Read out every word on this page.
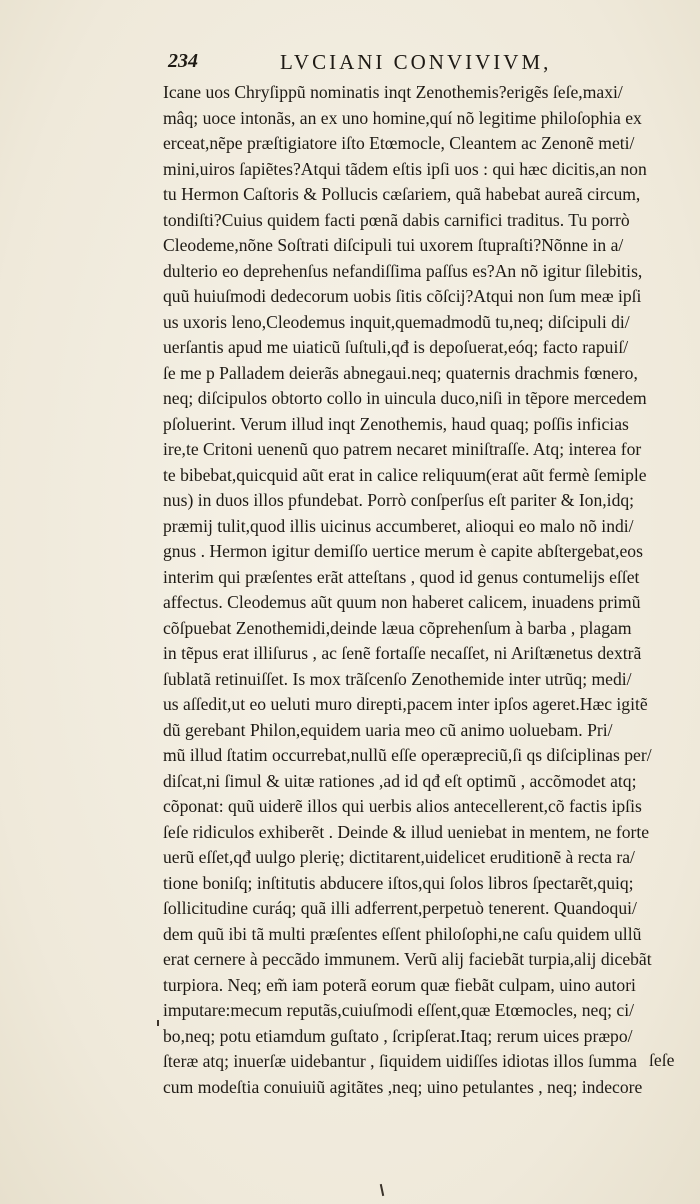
234	LVCIANI CONVIVIVM,
Icane uos Chryſippũ nominatis inqt Zenothemis?erigẽs ſeſe,maxi/
mâq; uoce intonãs, an ex uno homine,quí nõ legitime philoſophia ex
erceat,nẽpe præſtigiatore iſto Etœmocle, Cleantem ac Zenonẽ meti/
mini,uiros ſapiẽtes?Atqui tãdem eſtis ipſi uos : qui hæc dicitis,an non
tu Hermon Caſtoris & Pollucis cæſariem, quã habebat aureã circum,
tondiſti?Cuius quidem facti pœnã dabis carnifici traditus. Tu porrò
Cleodeme,nõne Soſtrati diſcipuli tui uxorem ſtupraſti?Nõnne in a/
dulterio eo deprehenſus nefandiſſima paſſus es?An nõ igitur ſilebitis,
quũ huiuſmodi dedecorum uobis ſitis cõſcij?Atqui non ſum meæ ipſi
us uxoris leno,Cleodemus inquit,quemadmodũ tu,neq; diſcipuli di/
uerſantis apud me uiaticũ ſuſtuli,qđ is depoſuerat,eóq; facto rapuiſ/
ſe me p Palladem deierãs abnegaui.neq; quaternis drachmis fœnero,
neq; diſcipulos obtorto collo in uincula duco,niſi in tẽpore mercedem
pſoluerint. Verum illud inqt Zenothemis, haud quaq; poſſis inficias
ire,te Critoni uenenũ quo patrem necaret miniſtraſſe. Atq; interea for
te bibebat,quicquid aũt erat in calice reliquum(erat aũt fermè ſemiple
nus) in duos illos pfundebat. Porrò conſperſus eſt pariter & Ion,idq;
præmij tulit,quod illis uicinus accumberet, alioqui eo malo nõ indi/
gnus . Hermon igitur demiſſo uertice merum è capite abſtergebat,eos
interim qui præſentes erãt atteſtans , quod id genus contumelijs eſſet
affectus. Cleodemus aũt quum non haberet calicem, inuadens primũ
cõſpuebat Zenothemidi,deinde læua cõprehenſum à barba , plagam
in tẽpus erat illiſurus , ac ſenẽ fortaſſe necaſſet, ni Ariſtænetus dextrã
ſublatã retinuiſſet. Is mox trãſcenſo Zenothemide inter utrũq; medi/
us aſſedit,ut eo ueluti muro direpti,pacem inter ipſos ageret.Hæc igitẽ
dũ gerebant Philon,equidem uaria meo cũ animo uoluebam. Pri/
mũ illud ſtatim occurrebat,nullũ eſſe operæpreciũ,ſi qs diſciplinas per/
diſcat,ni ſimul & uitæ rationes ,ad id qđ eſt optimũ , accõmodet atq;
cõponat: quũ uiderẽ illos qui uerbis alios antecellerent,cõ factis ipſis
ſeſe ridiculos exhiberẽt . Deinde & illud ueniebat in mentem, ne forte
uerũ eſſet,qđ uulgo plerię; dictitarent,uidelicet eruditionẽ à recta ra/
tione boniſq; inſtitutis abducere iſtos,qui ſolos libros ſpectarẽt,quiq;
ſollicitudine curáq; quã illi adferrent,perpetuò tenerent. Quandoqui/
dem quũ ibi tã multi præſentes eſſent philoſophi,ne caſu quidem ullũ
erat cernere à peccãdo immunem. Verũ alij faciebãt turpia,alij dicebãt
turpiora. Neq; em̃ iam poterã eorum quæ fiebãt culpam, uino autori
imputare:mecum reputãs,cuiuſmodi eſſent,quæ Etœmocles, neq; ci/
bo,neq; potu etiamdum guſtato , ſcripſerat.Itaq; rerum uices præpo/
ſteræ atq; inuerſæ uidebantur , ſiquidem uidiſſes idiotas illos ſumma
cum modeſtia conuiuiũ agitãtes ,neq; uino petulantes , neq; indecore
ſeſe
